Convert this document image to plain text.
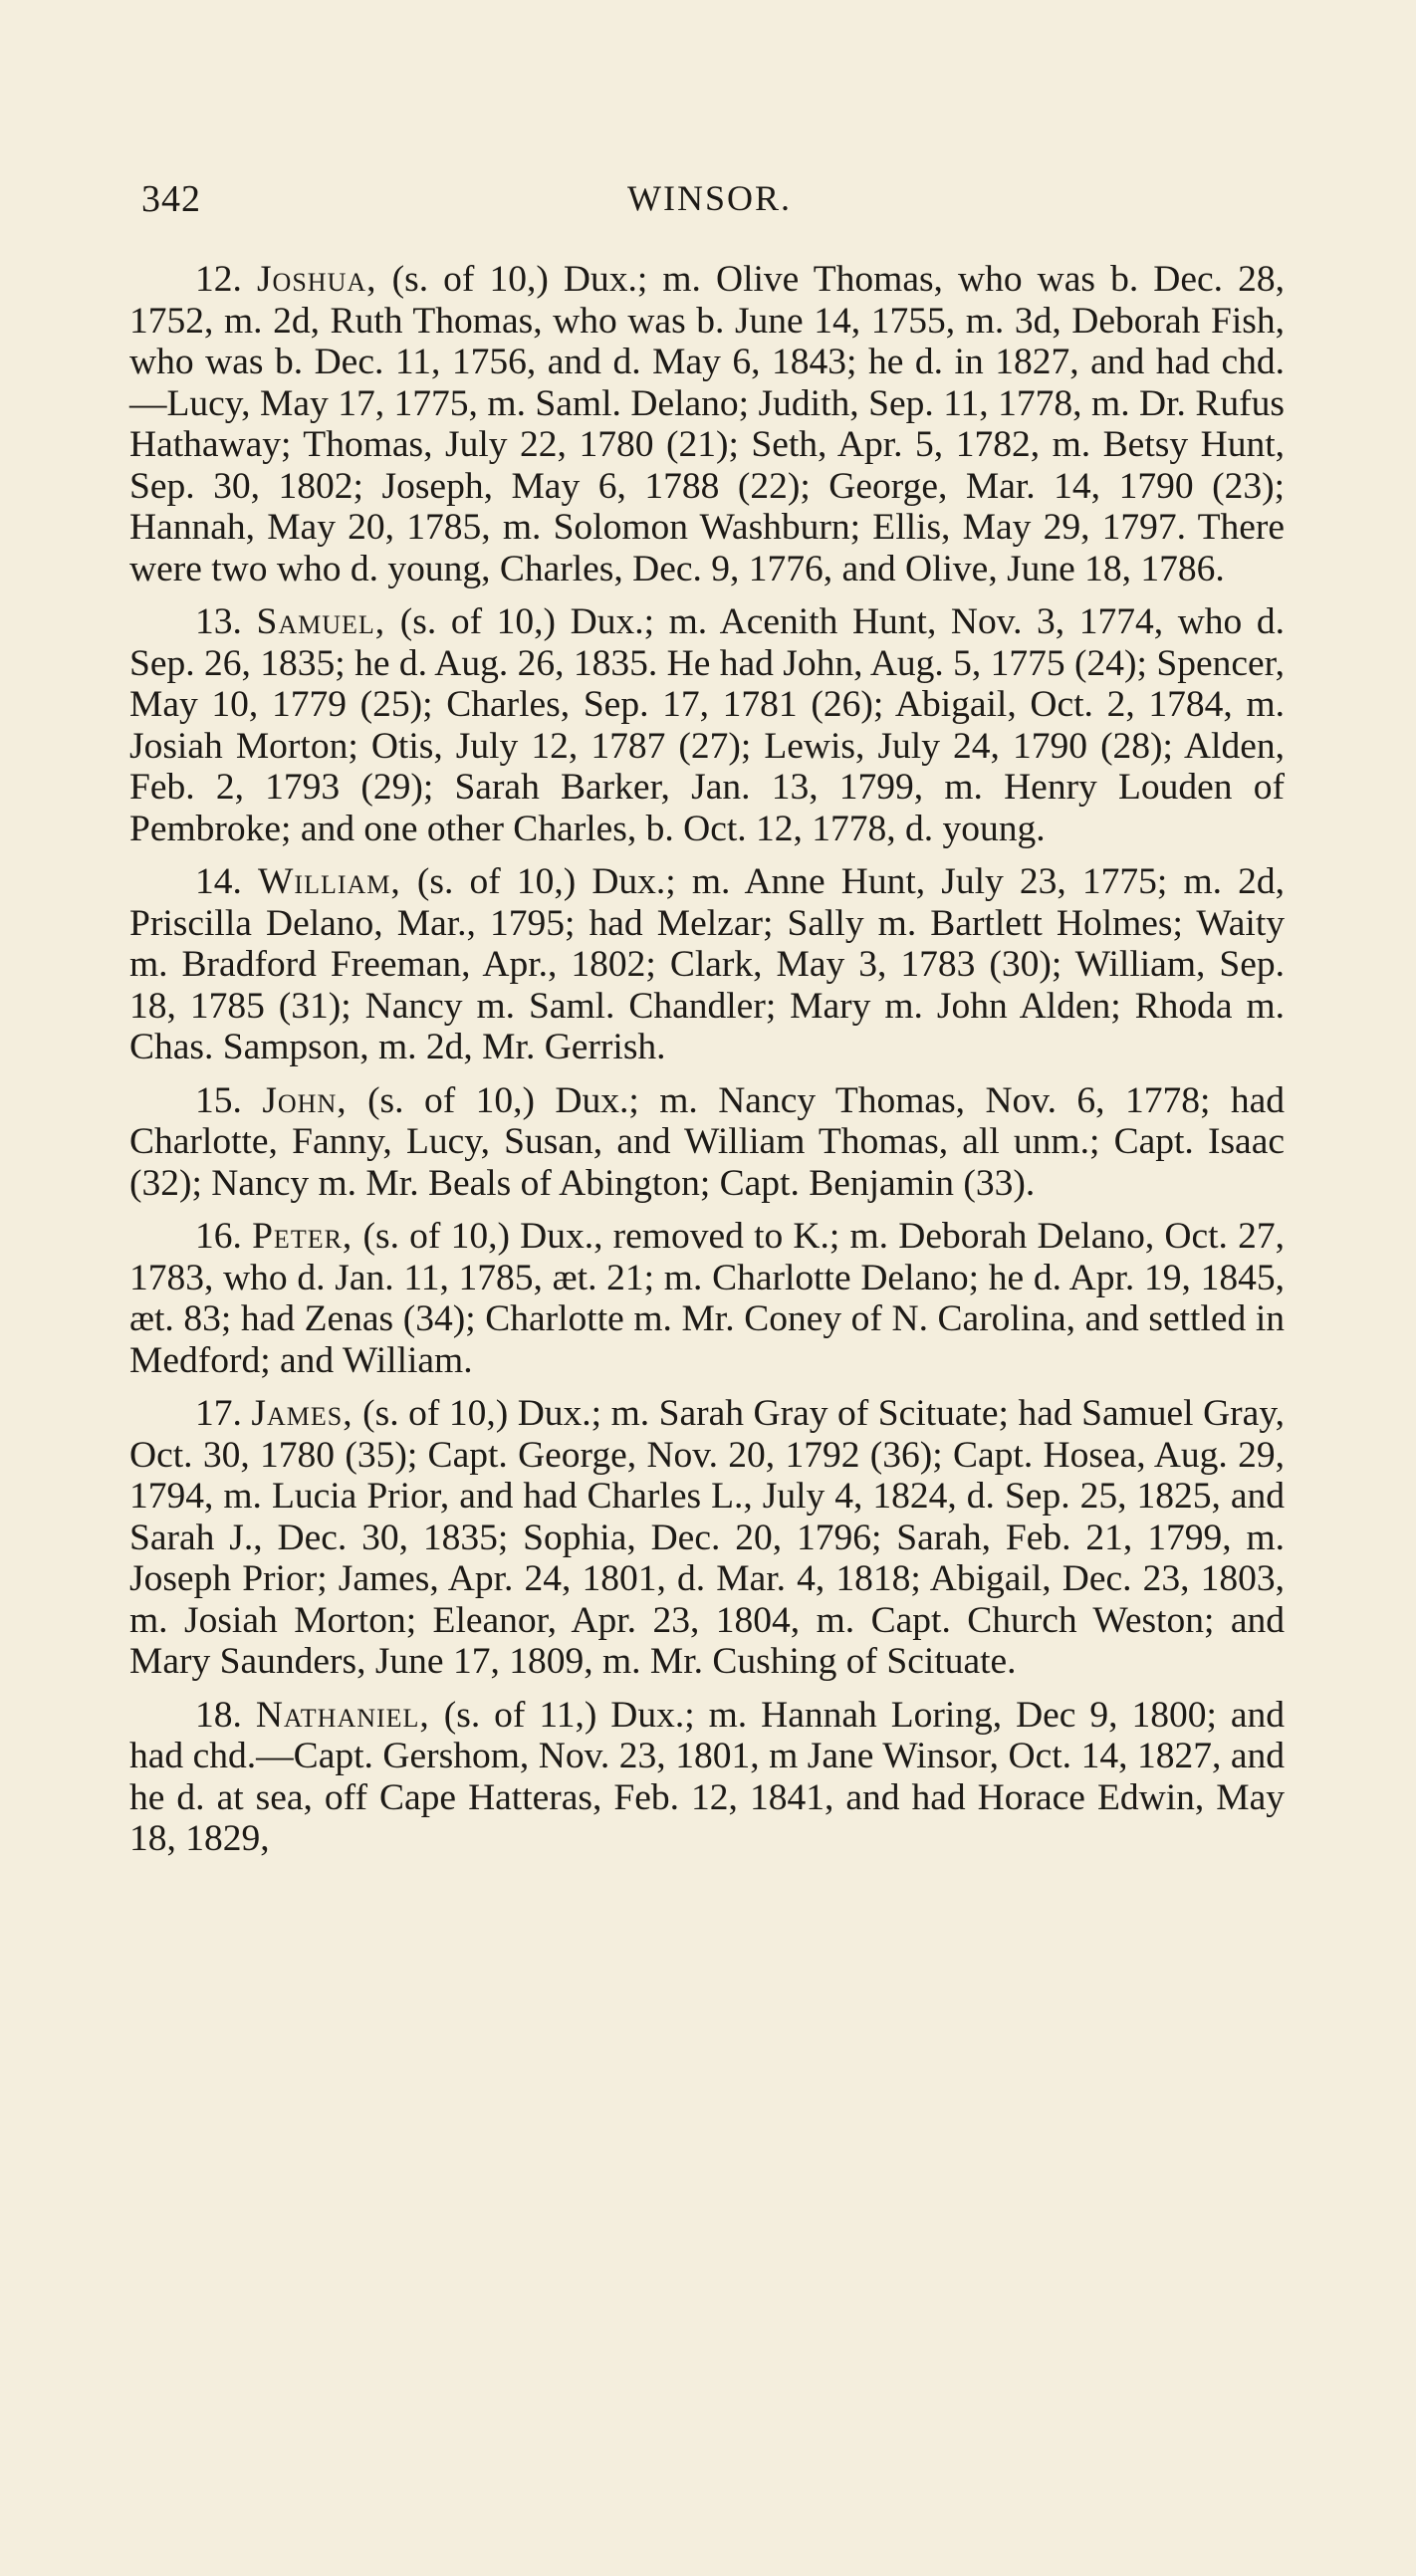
342	WINSOR.

12. Joshua, (s. of 10,) Dux.; m. Olive Thomas, who was b. Dec. 28, 1752, m. 2d, Ruth Thomas, who was b. June 14, 1755, m. 3d, Deborah Fish, who was b. Dec. 11, 1756, and d. May 6, 1843; he d. in 1827, and had chd.—Lucy, May 17, 1775, m. Saml. Delano; Judith, Sep. 11, 1778, m. Dr. Rufus Hathaway; Thomas, July 22, 1780 (21); Seth, Apr. 5, 1782, m. Betsy Hunt, Sep. 30, 1802; Joseph, May 6, 1788 (22); George, Mar. 14, 1790 (23); Hannah, May 20, 1785, m. Solomon Washburn; Ellis, May 29, 1797. There were two who d. young, Charles, Dec. 9, 1776, and Olive, June 18, 1786.

13. Samuel, (s. of 10,) Dux.; m. Acenith Hunt, Nov. 3, 1774, who d. Sep. 26, 1835; he d. Aug. 26, 1835. He had John, Aug. 5, 1775 (24); Spencer, May 10, 1779 (25); Charles, Sep. 17, 1781 (26); Abigail, Oct. 2, 1784, m. Josiah Morton; Otis, July 12, 1787 (27); Lewis, July 24, 1790 (28); Alden, Feb. 2, 1793 (29); Sarah Barker, Jan. 13, 1799, m. Henry Louden of Pembroke; and one other Charles, b. Oct. 12, 1778, d. young.

14. William, (s. of 10,) Dux.; m. Anne Hunt, July 23, 1775; m. 2d, Priscilla Delano, Mar., 1795; had Melzar; Sally m. Bartlett Holmes; Waity m. Bradford Freeman, Apr., 1802; Clark, May 3, 1783 (30); William, Sep. 18, 1785 (31); Nancy m. Saml. Chandler; Mary m. John Alden; Rhoda m. Chas. Sampson, m. 2d, Mr. Gerrish.

15. John, (s. of 10,) Dux.; m. Nancy Thomas, Nov. 6, 1778; had Charlotte, Fanny, Lucy, Susan, and William Thomas, all unm.; Capt. Isaac (32); Nancy m. Mr. Beals of Abington; Capt. Benjamin (33).

16. Peter, (s. of 10,) Dux., removed to K.; m. Deborah Delano, Oct. 27, 1783, who d. Jan. 11, 1785, æt. 21; m. Charlotte Delano; he d. Apr. 19, 1845, æt. 83; had Zenas (34); Charlotte m. Mr. Coney of N. Carolina, and settled in Medford; and William.

17. James, (s. of 10,) Dux.; m. Sarah Gray of Scituate; had Samuel Gray, Oct. 30, 1780 (35); Capt. George, Nov. 20, 1792 (36); Capt. Hosea, Aug. 29, 1794, m. Lucia Prior, and had Charles L., July 4, 1824, d. Sep. 25, 1825, and Sarah J., Dec. 30, 1835; Sophia, Dec. 20, 1796; Sarah, Feb. 21, 1799, m. Joseph Prior; James, Apr. 24, 1801, d. Mar. 4, 1818; Abigail, Dec. 23, 1803, m. Josiah Morton; Eleanor, Apr. 23, 1804, m. Capt. Church Weston; and Mary Saunders, June 17, 1809, m. Mr. Cushing of Scituate.

18. Nathaniel, (s. of 11,) Dux.; m. Hannah Loring, Dec 9, 1800; and had chd.—Capt. Gershom, Nov. 23, 1801, m Jane Winsor, Oct. 14, 1827, and he d. at sea, off Cape Hatteras, Feb. 12, 1841, and had Horace Edwin, May 18, 1829,
